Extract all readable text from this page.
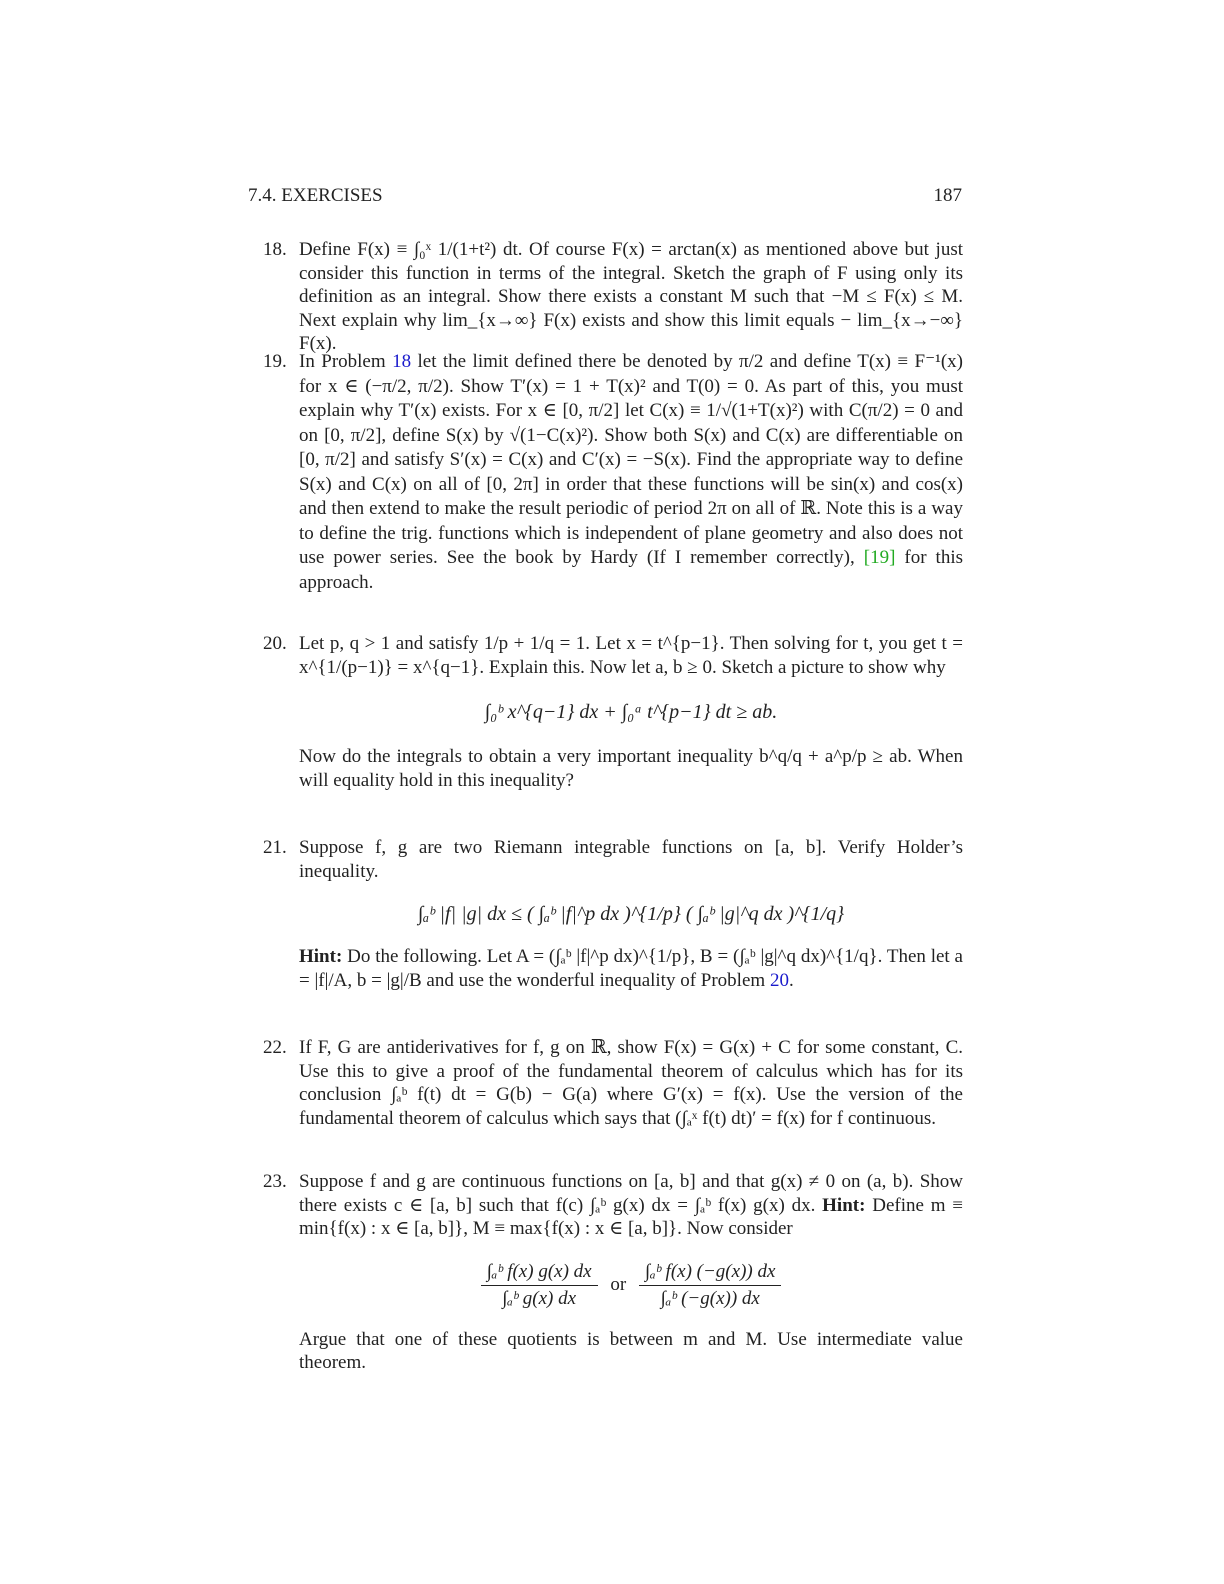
7.4. EXERCISES	187
18. Define F(x) ≡ ∫₀ˣ 1/(1+t²) dt. Of course F(x) = arctan(x) as mentioned above but just consider this function in terms of the integral. Sketch the graph of F using only its definition as an integral. Show there exists a constant M such that −M ≤ F(x) ≤ M. Next explain why lim_{x→∞} F(x) exists and show this limit equals − lim_{x→−∞} F(x).

19. In Problem 18 let the limit defined there be denoted by π/2 and define T(x) ≡ F⁻¹(x) for x ∈ (−π/2, π/2). Show T′(x) = 1 + T(x)² and T(0) = 0. As part of this, you must explain why T′(x) exists. For x ∈ [0, π/2] let C(x) ≡ 1/√(1+T(x)²) with C(π/2) = 0 and on [0, π/2], define S(x) by √(1−C(x)²). Show both S(x) and C(x) are differentiable on [0, π/2] and satisfy S′(x) = C(x) and C′(x) = −S(x). Find the appropriate way to define S(x) and C(x) on all of [0, 2π] in order that these functions will be sin(x) and cos(x) and then extend to make the result periodic of period 2π on all of ℝ. Note this is a way to define the trig. functions which is independent of plane geometry and also does not use power series. See the book by Hardy (If I remember correctly), [19] for this approach.

20. Let p, q > 1 and satisfy 1/p + 1/q = 1. Let x = t^{p−1}. Then solving for t, you get t = x^{1/(p−1)} = x^{q−1}. Explain this. Now let a, b ≥ 0. Sketch a picture to show why

∫₀ᵇ x^{q−1} dx + ∫₀ᵃ t^{p−1} dt ≥ ab.

Now do the integrals to obtain a very important inequality b^q/q + a^p/p ≥ ab. When will equality hold in this inequality?

21. Suppose f, g are two Riemann integrable functions on [a, b]. Verify Holder’s inequality.

∫ₐᵇ |f| |g| dx ≤ ( ∫ₐᵇ |f|^p dx )^{1/p} ( ∫ₐᵇ |g|^q dx )^{1/q}

Hint: Do the following. Let A = (∫ₐᵇ |f|^p dx)^{1/p}, B = (∫ₐᵇ |g|^q dx)^{1/q}. Then let a = |f|/A, b = |g|/B and use the wonderful inequality of Problem 20.

22. If F, G are antiderivatives for f, g on ℝ, show F(x) = G(x) + C for some constant, C. Use this to give a proof of the fundamental theorem of calculus which has for its conclusion ∫ₐᵇ f(t) dt = G(b) − G(a) where G′(x) = f(x). Use the version of the fundamental theorem of calculus which says that (∫ₐˣ f(t) dt)′ = f(x) for f continuous.

23. Suppose f and g are continuous functions on [a, b] and that g(x) ≠ 0 on (a, b). Show there exists c ∈ [a, b] such that f(c) ∫ₐᵇ g(x) dx = ∫ₐᵇ f(x) g(x) dx. Hint: Define m ≡ min{f(x) : x ∈ [a, b]}, M ≡ max{f(x) : x ∈ [a, b]}. Now consider

$\frac{\text{∫ₐᵇ f(x) g(x) dx}}{\text{∫ₐᵇ g(x) dx}}$ or $\frac{\text{∫ₐᵇ f(x) (−g(x)) dx}}{\text{∫ₐᵇ (−g(x)) dx}}$

Argue that one of these quotients is between m and M. Use intermediate value theorem.
